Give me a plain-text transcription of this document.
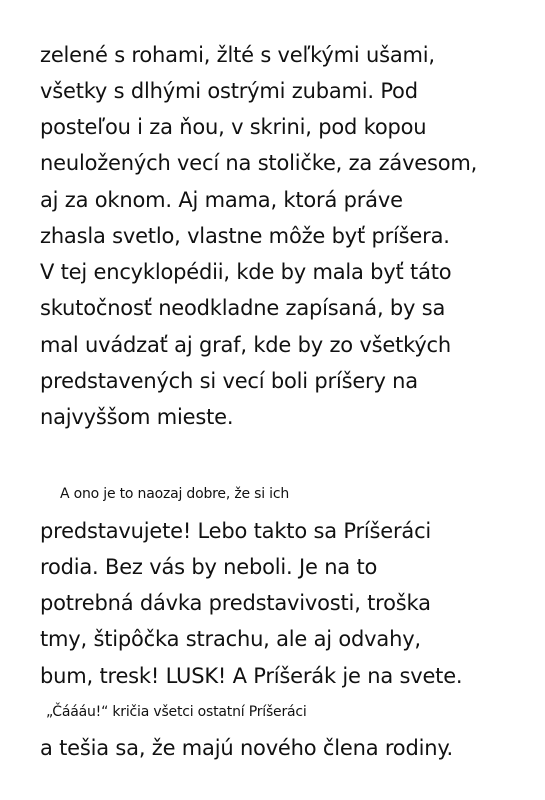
zelené s rohami, žlté s veľkými ušami,

všetky s dlhými ostrými zubami. Pod

posteľou i za ňou, v skrini, pod kopou

neuložených vecí na stoličke, za závesom,

aj za oknom. Aj mama, ktorá práve

zhasla svetlo, vlastne môže byť príšera.

V tej encyklopédii, kde by mala byť táto

skutočnosť neodkladne zapísaná, by sa

mal uvádzať aj graf, kde by zo všetkých

predstavených si vecí boli príšery na

najvyššom mieste.

A ono je to naozaj dobre, že si ich

predstavujete! Lebo takto sa Príšeráci

rodia. Bez vás by neboli. Je na to

potrebná dávka predstavivosti, troška

tmy, štipôčka strachu, ale aj odvahy,

bum, tresk! LUSK! A Príšerák je na svete.

„Čáááu!“ kričia všetci ostatní Príšeráci

a tešia sa, že majú nového člena rodiny.
